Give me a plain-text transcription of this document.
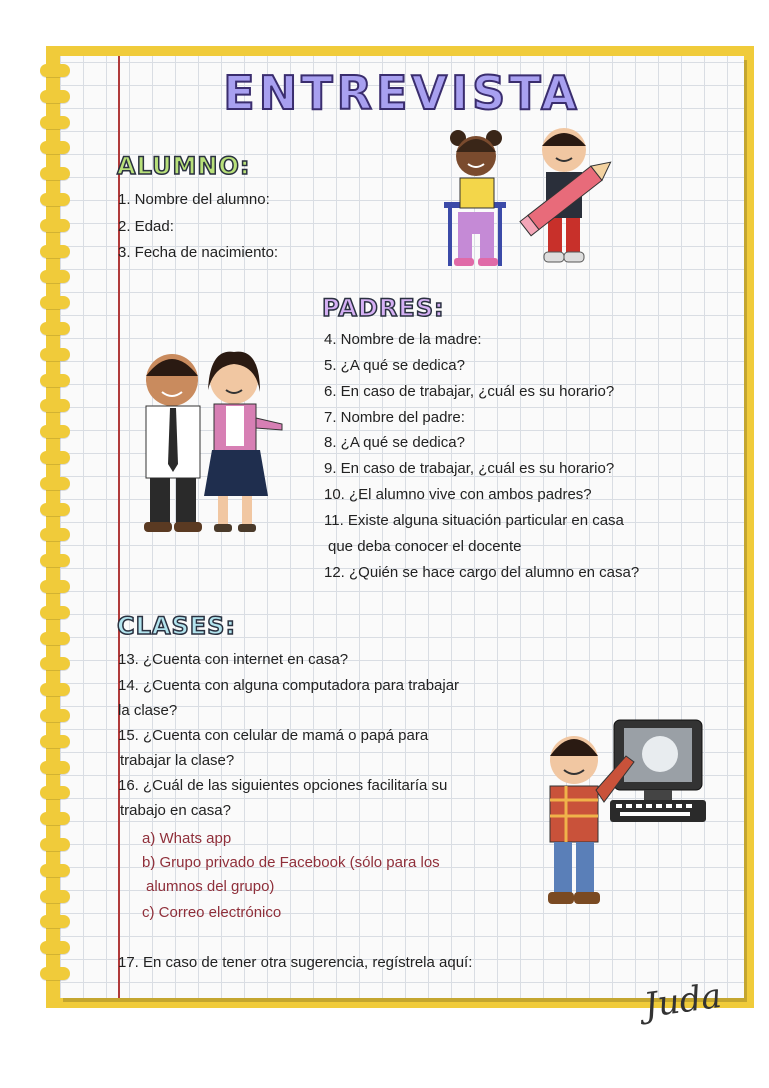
ENTREVISTA
ALUMNO:
1. Nombre del alumno:
2. Edad:
3. Fecha de nacimiento:
PADRES:
4. Nombre de la madre:
5. ¿A qué se dedica?
6. En caso de trabajar, ¿cuál es su horario?
7. Nombre del padre:
8. ¿A qué se dedica?
9. En caso de trabajar, ¿cuál es su horario?
10. ¿El alumno vive con ambos padres?
11. Existe alguna situación particular en casa
que deba conocer el docente
12. ¿Quién se hace cargo del alumno en casa?
CLASES:
13. ¿Cuenta con internet en casa?
14. ¿Cuenta con alguna computadora para trabajar
la clase?
15. ¿Cuenta con celular de mamá o papá para
trabajar la clase?
16. ¿Cuál de las siguientes opciones facilitaría su
trabajo en casa?
a) Whats app
b) Grupo privado de Facebook (sólo para los
alumnos del grupo)
c) Correo electrónico
17. En caso de tener otra sugerencia, regístrela aquí:
Juda
